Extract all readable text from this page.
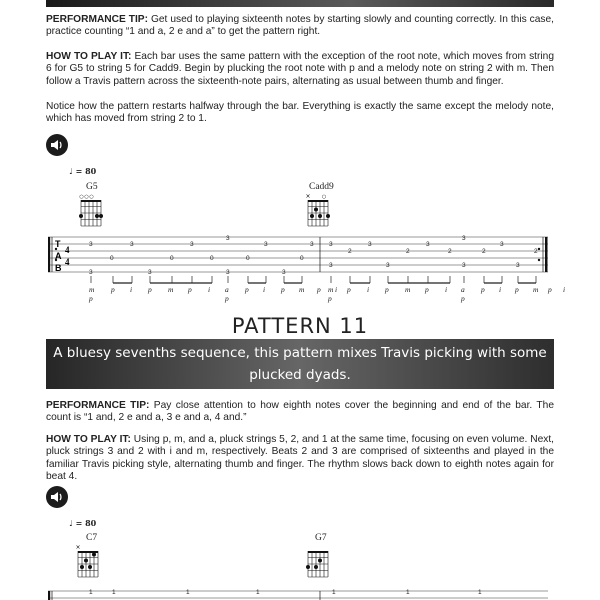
PERFORMANCE TIP: Get used to playing sixteenth notes by starting slowly and counting correctly. In this case, practice counting “1 and a, 2 e and a” to get the pattern right.

HOW TO PLAY IT: Each bar uses the same pattern with the exception of the root note, which moves from string 6 for G5 to string 5 for Cadd9. Begin by plucking the root note with p and a melody note on string 2 with m. Then follow a Travis pattern across the sixteenth-note pairs, alternating as usual between thumb and finger.

Notice how the pattern restarts halfway through the bar. Everything is exactly the same except the melody note, which has moved from string 2 to 1.

♩ = 80
G5	Cadd9
○ ○ ○	× ○
T
A
B
4
4
3
3
0
3
3
0
3
0
3
3
0
3
3
0
3 3
3
2
3
3
2
3
2
3
3
2
3
3
2
m
p
p i p m p i a
p
p i p m p i
m
p
p i p m p i a
p
p i p m p i
PATTERN 11
A bluesy sevenths sequence, this pattern mixes Travis picking with some
plucked dyads.

PERFORMANCE TIP: Pay close attention to how eighth notes cover the beginning and end of the bar. The count is “1 and, 2 e and a, 3 e and a, 4 and.”

HOW TO PLAY IT: Using p, m, and a, pluck strings 5, 2, and 1 at the same time, focusing on even volume. Next, pluck strings 3 and 2 with i and m, respectively. Beats 2 and 3 are comprised of sixteenths and played in the familiar Travis picking style, alternating thumb and finger. The rhythm slows back down to eighth notes again for beat 4.

♩ = 80
C7	G7
×
1	1	1	1	1	1	1
